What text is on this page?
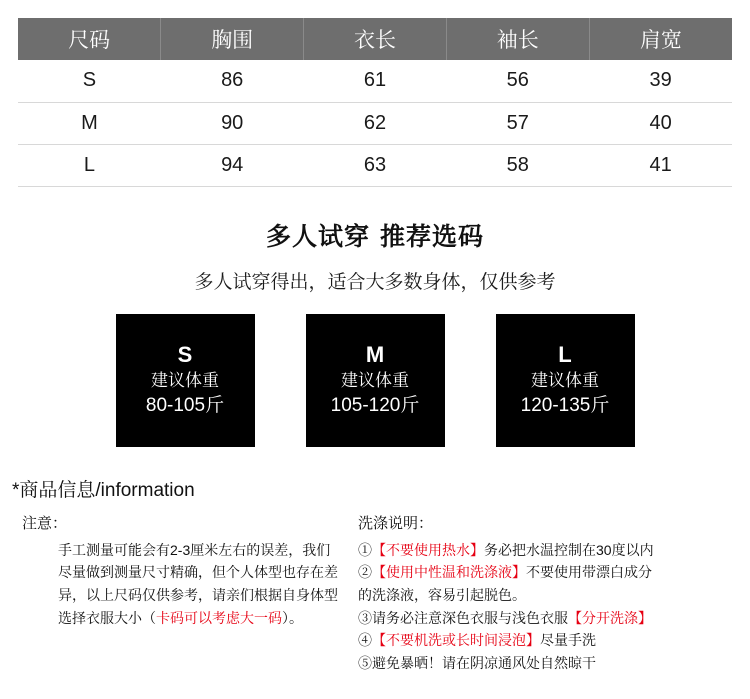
尺码	胸围	衣长	袖长	肩宽
S	86	61	56	39
M	90	62	57	40
L	94	63	58	41
多人试穿 推荐选码
多人试穿得出，适合大多数身体，仅供参考
S
建议体重
80-105斤
M
建议体重
105-120斤
L
建议体重
120-135斤
*商品信息/information
注意：
手工测量可能会有2-3厘米左右的误差，我们
尽量做到测量尺寸精确，但个人体型也存在差
异，以上尺码仅供参考，请亲们根据自身体型
选择衣服大小（卡码可以考虑大一码）。
洗涤说明：
①【不要使用热水】务必把水温控制在30度以内
②【使用中性温和洗涤液】不要使用带漂白成分
的洗涤液，容易引起脱色。
③请务必注意深色衣服与浅色衣服【分开洗涤】
④【不要机洗或长时间浸泡】尽量手洗
⑤避免暴晒！请在阴凉通风处自然晾干
